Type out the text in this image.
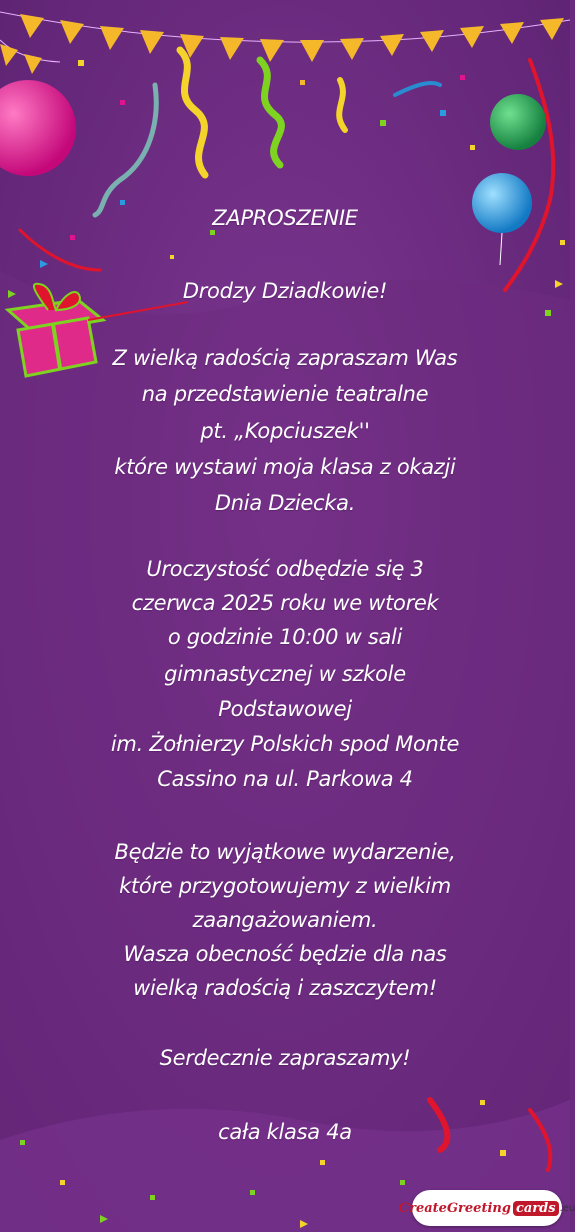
ZAPROSZENIE
Drodzy Dziadkowie!
Z wielką radością zapraszam Was
na przedstawienie teatralne
pt. „Kopciuszek''
które wystawi moja klasa z okazji
Dnia Dziecka.
Uroczystość odbędzie się 3
czerwca 2025 roku we wtorek
o godzinie 10:00 w sali
gimnastycznej w szkole
Podstawowej
im. Żołnierzy Polskich spod Monte
Cassino na ul. Parkowa 4
Będzie to wyjątkowe wydarzenie,
które przygotowujemy z wielkim
zaangażowaniem.
Wasza obecność będzie dla nas
wielką radością i zaszczytem!
Serdecznie zapraszamy!
cała klasa 4a
CreateGreeting cards .eu
